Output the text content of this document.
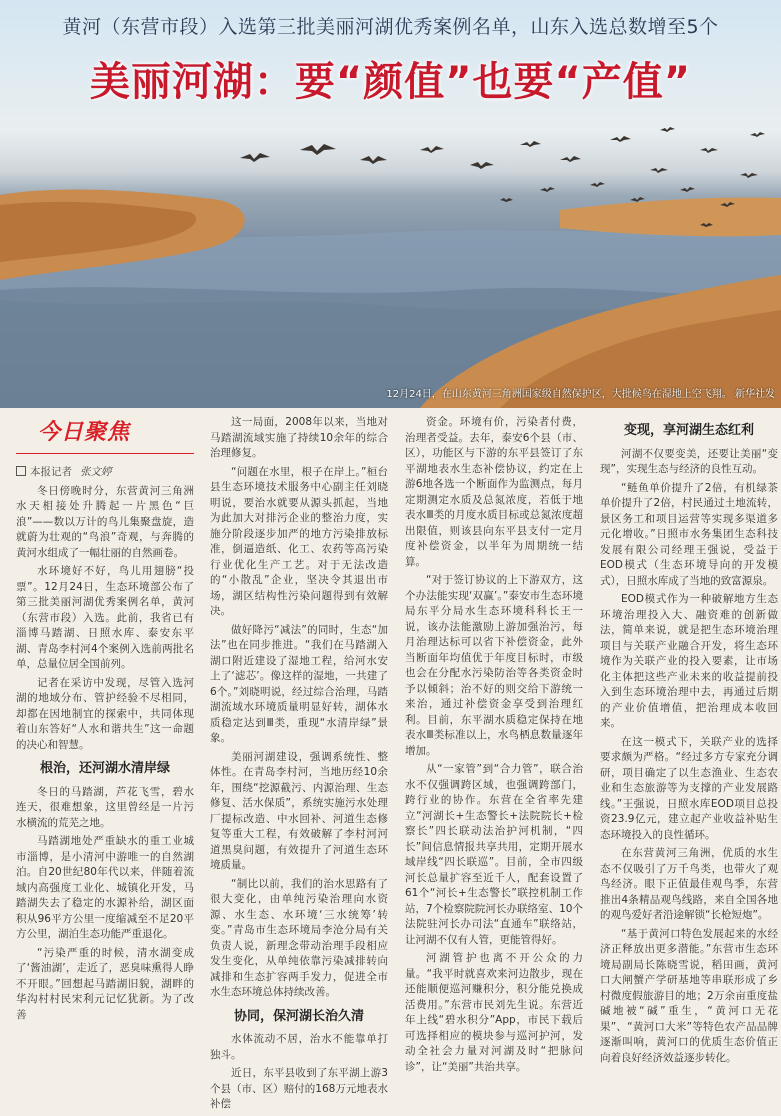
黄河（东营市段）入选第三批美丽河湖优秀案例名单，山东入选总数增至5个
美丽河湖：要“颜值”也要“产值”
12月24日，在山东黄河三角洲国家级自然保护区，大批候鸟在湿地上空飞翔。 新华社发
今日聚焦

本报记者 张文婷

冬日傍晚时分，东营黄河三角洲水天相接处升腾起一片黑色“巨浪”——数以万计的鸟儿集聚盘旋，造就蔚为壮观的“鸟浪”奇观，与奔腾的黄河水组成了一幅壮丽的自然画卷。

水环境好不好，鸟儿用翅膀“投票”。12月24日，生态环境部公布了第三批美丽河湖优秀案例名单，黄河（东营市段）入选。此前，我省已有淄博马踏湖、日照水库、泰安东平湖、青岛李村河4个案例入选前两批名单，总量位居全国前列。

记者在采访中发现，尽管入选河湖的地域分布、管护经验不尽相同，却都在因地制宜的探索中，共同体现着山东答好“人水和谐共生”这一命题的决心和智慧。

根治，还河湖水清岸绿

冬日的马踏湖，芦花飞雪，碧水连天，很难想象，这里曾经是一片污水横流的荒芜之地。

马踏湖地处严重缺水的重工业城市淄博，是小清河中游唯一的自然湖泊。自20世纪80年代以来，伴随着流域内高强度工业化、城镇化开发，马踏湖失去了稳定的水源补给，湖区面积从96平方公里一度缩减至不足20平方公里，湖泊生态功能严重退化。

“污染严重的时候，清水湖变成了‘酱油湖’，走近了，恶臭味熏得人睁不开眼。”回想起马踏湖旧貌，湖畔的华沟村村民宋利元记忆犹新。为了改善

这一局面，2008年以来，当地对马踏湖流域实施了持续10余年的综合治理修复。

“问题在水里，根子在岸上。”桓台县生态环境技术服务中心副主任刘晓明说，要治水就要从源头抓起，当地为此加大对排污企业的整治力度，实施分阶段逐步加严的地方污染排放标准，倒逼造纸、化工、农药等高污染行业优化生产工艺。对于无法改造的“小散乱”企业，坚决令其退出市场，湖区结构性污染问题得到有效解决。

做好降污“减法”的同时，生态“加法”也在同步推进。“我们在马踏湖入湖口附近建设了湿地工程，给河水安上了‘滤芯’。像这样的湿地，一共建了6个。”刘晓明说，经过综合治理，马踏湖流域水环境质量明显好转，湖体水质稳定达到Ⅲ类，重现“水清岸绿”景象。

美丽河湖建设，强调系统性、整体性。在青岛李村河，当地历经10余年，围绕“挖源截污、内源治理、生态修复、活水保质”，系统实施污水处理厂提标改造、中水回补、河道生态修复等重大工程，有效破解了李村河河道黑臭问题，有效提升了河道生态环境质量。

“制比以前，我们的治水思路有了很大变化，由单纯污染治理向水资源、水生态、水环境‘三水统筹’转变。”青岛市生态环境局李沧分局有关负责人说，新理念带动治理手段相应发生变化，从单纯依靠污染减排转向减排和生态扩容两手发力，促进全市水生态环境总体持续改善。

协同，保河湖长治久清

水体流动不居，治水不能靠单打独斗。

近日，东平县收到了东平湖上游3个县（市、区）赔付的168万元地表水补偿

资金。环境有价，污染者付费，治理者受益。去年，泰安6个县（市、区），功能区与下游的东平县签订了东平湖地表水生态补偿协议，约定在上游6地各选一个断面作为监测点，每月定期测定水质及总氮浓度，若低于地表水Ⅲ类的月度水质目标或总氮浓度超出限值，则该县向东平县支付一定月度补偿资金，以半年为周期统一结算。

“对于签订协议的上下游双方，这个办法能实现‘双赢’。”泰安市生态环境局东平分局水生态环境科科长王一说，该办法能激励上游加强治污，每月治理达标可以省下补偿资金，此外当断面年均值优于年度目标时，市级也会在分配水污染防治等各类资金时予以倾斜；治不好的则交给下游统一来治，通过补偿资金享受到治理红利。目前，东平湖水质稳定保持在地表水Ⅲ类标准以上，水鸟栖息数量逐年增加。

从“一家管”到“合力管”，联合治水不仅强调跨区域，也强调跨部门，跨行业的协作。东营在全省率先建立“河湖长+生态警长+法院院长+检察长”四长联动法治护河机制，“四长”间信息情报共享共用，定期开展水域岸线“四长联巡”。目前，全市四级河长总量扩容至近千人，配套设置了61个“河长+生态警长”联控机制工作站，7个检察院院河长办联络室、10个法院驻河长办司法“直通车”联络站，让河湖不仅有人管，更能管得好。

河湖管护也离不开公众的力量。“我平时就喜欢来河边散步，现在还能顺便巡河赚积分，积分能兑换成活费用。”东营市民刘先生说。东营近年上线“碧水积分”App，市民下载后可选择相应的模块参与巡河护河，发动全社会力量对河湖及时“把脉问诊”，让“美丽”共治共享。

变现，享河湖生态红利

河湖不仅要变美，还要让美丽“变现”，实现生态与经济的良性互动。

“鲢鱼单价提升了2倍，有机绿茶单价提升了2倍，村民通过土地流转，景区务工和项目运营等实现多渠道多元化增收。”日照市水务集团生态科技发展有限公司经理王强说，受益于EOD模式（生态环境导向的开发模式），日照水库成了当地的致富源泉。

EOD模式作为一种破解地方生态环境治理投入大、融资难的创新做法，简单来说，就是把生态环境治理项目与关联产业融合开发，将生态环境作为关联产业的投入要素，让市场化主体把这些产业未来的收益提前投入到生态环境治理中去，再通过后期的产业价值增值，把治理成本收回来。

在这一模式下，关联产业的选择要求颇为严格。“经过多方专家充分调研，项目确定了以生态渔业、生态农业和生态旅游等为支撑的产业发展路线。”王强说，日照水库EOD项目总投资23.9亿元，建立起产业收益补贴生态环境投入的良性循环。

在东营黄河三角洲，优质的水生态不仅吸引了万千鸟类，也带火了观鸟经济。眼下正值最佳观鸟季，东营推出4条精品观鸟线路，来自全国各地的观鸟爱好者沿途解锁“长枪短炮”。

“基于黄河口特色发展起来的水经济正释放出更多潜能。”东营市生态环境局副局长陈晓雪说，稻田画，黄河口大闸蟹产学研基地等串联形成了乡村微度假旅游目的地；2万余亩重度盐碱地被“碱”重生，“黄河口无花果”、“黄河口大米”等特色农产品品牌逐渐叫响，黄河口的优质生态价值正向着良好经济效益逐步转化。
